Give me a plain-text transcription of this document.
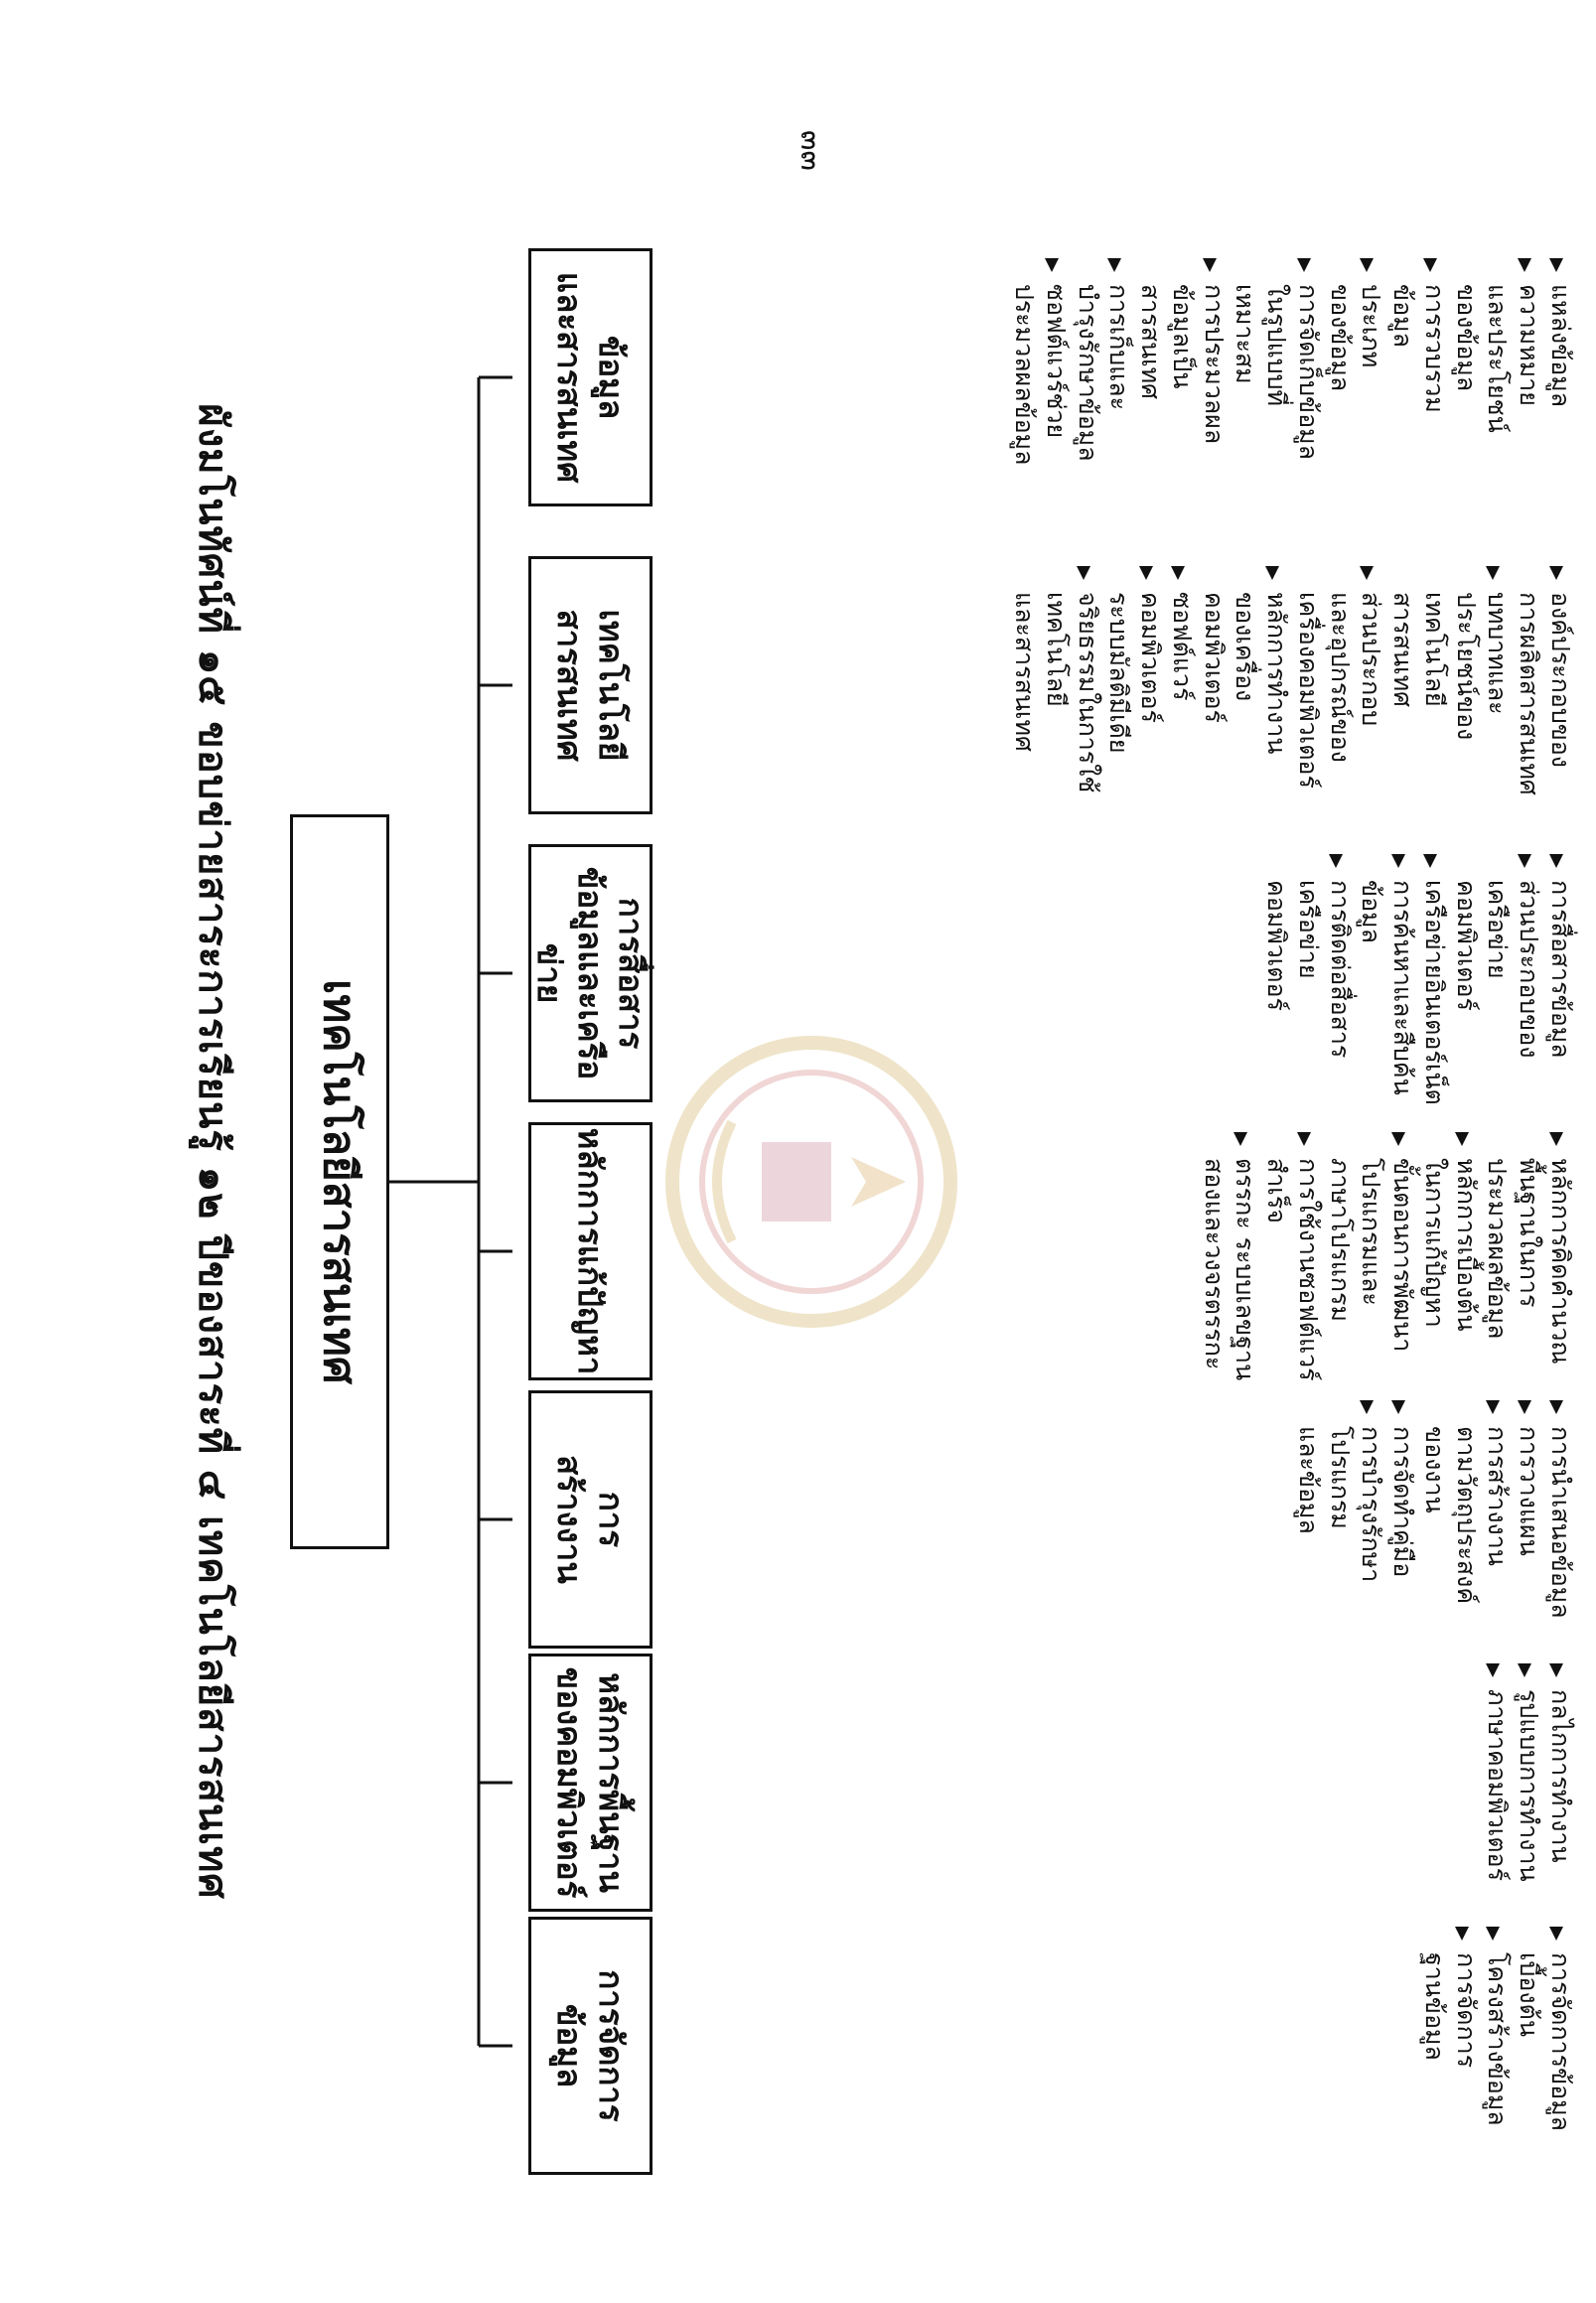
๓๓
เทคโนโลยีสารสนเทศ
ข้อมูล
และสารสนเทศ	แหล่งข้อมูล
ความหมาย
และประโยชน์
ของข้อมูล
การรวบรวม
ข้อมูล
ประเภท
ของข้อมูล
การจัดเก็บข้อมูล
ในรูปแบบที่
เหมาะสม
การประมวลผล
ข้อมูลเป็น
สารสนเทศ
การเก็บและ
บำรุงรักษาข้อมูล
ซอฟต์แวร์ช่วย
ประมวลผลข้อมูล
เทคโนโลยี
สารสนเทศ	องค์ประกอบของ
การผลิตสารสนเทศ
บทบาทและ
ประโยชน์ของ
เทคโนโลยี
สารสนเทศ
ส่วนประกอบ
และอุปกรณ์ของ
เครื่องคอมพิวเตอร์
หลักการทำงาน
ของเครื่อง
คอมพิวเตอร์
ซอฟต์แวร์
คอมพิวเตอร์
ระบบมัลติมีเดีย
จริยธรรมในการใช้
เทคโนโลยี
และสารสนเทศ
การสื่อสาร
ข้อมูลและเครือข่าย	การสื่อสารข้อมูล
ส่วนประกอบของ
เครือข่าย
คอมพิวเตอร์
เครือข่ายอินเตอร์เน็ต
การค้นหาและสืบค้น
ข้อมูล
การติดต่อสื่อสาร
เครือข่าย
คอมพิวเตอร์
หลักการแก้ปัญหา	หลักการคิดคำนวณ
พื้นฐานในการ
ประมวลผลข้อมูล
หลักการเบื้องต้น
ในการแก้ปัญหา
ขั้นตอนการพัฒนา
โปรแกรมและ
ภาษาโปรแกรม
การใช้งานซอฟต์แวร์
สำเร็จ
ตรรกะ ระบบเลขฐาน
สองและวงจรตรรกะ
การ
สร้างงาน	การนำเสนอข้อมูล
การวางแผน
การสร้างงาน
ตามวัตถุประสงค์
ของงาน
การจัดทำคู่มือ
การบำรุงรักษา
โปรแกรม
และข้อมูล
หลักการพื้นฐาน
ของคอมพิวเตอร์	กลไกการทำงาน
รูปแบบการทำงาน
ภาษาคอมพิวเตอร์
การจัดการ
ข้อมูล	การจัดการข้อมูล
เบื้องต้น
โครงสร้างข้อมูล
การจัดการ
ฐานข้อมูล
ผังมโนทัศน์ที่ ๑๕ ขอบข่ายสาระการเรียนรู้ ๑๒ ปีของสาระที่ ๔ เทคโนโลยีสารสนเทศ
